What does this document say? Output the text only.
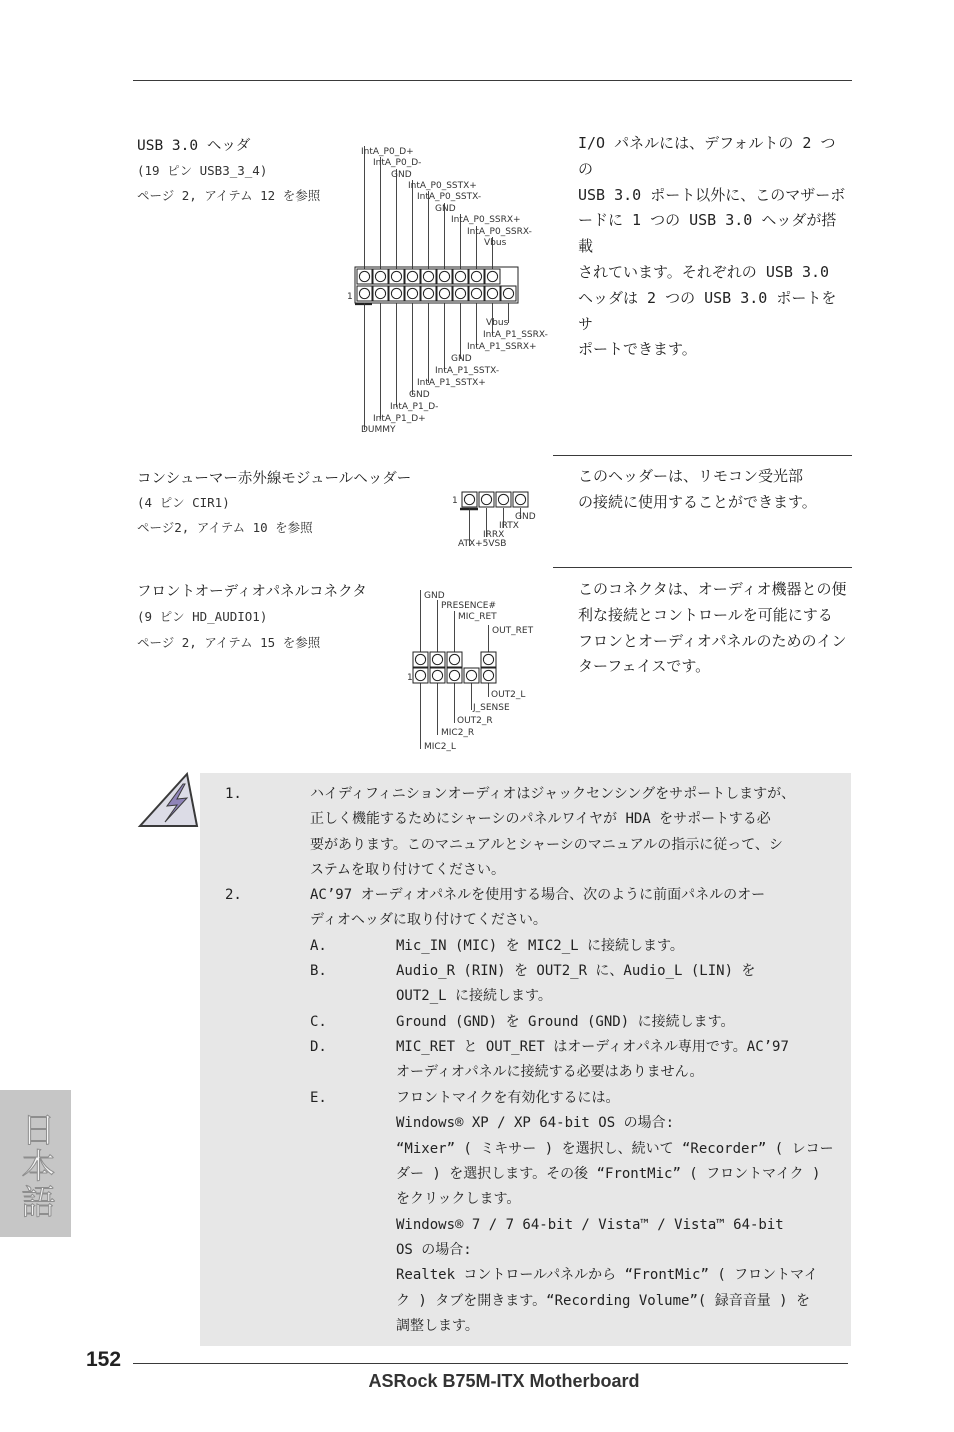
USB 3.0 ヘッダ
(19 ピン USB3_3_4)
ページ 2, アイテム 12 を参照
I/O パネルには、デフォルトの 2 つの
USB 3.0 ポート以外に、このマザーボ
ードに 1 つの USB 3.0 ヘッダが搭載
されています。それぞれの USB 3.0
ヘッダは 2 つの USB 3.0 ポートをサ
ポートできます。
1
IntA_P0_D+
IntA_P0_D-
GND
IntA_P0_SSTX+
IntA_P0_SSTX-
GND
IntA_P0_SSRX+
IntA_P0_SSRX-
Vbus
DUMMY
IntA_P1_D+
IntA_P1_D-
GND
IntA_P1_SSTX+
IntA_P1_SSTX-
GND
IntA_P1_SSRX+
IntA_P1_SSRX-
Vbus
コンシューマー赤外線モジュールヘッダー
(4 ピン CIR1)
ページ2, アイテム 10 を参照
このヘッダーは、リモコン受光部
の接続に使用することができます。
1
ATX+5VSB
IRRX
IRTX
GND
フロントオーディオパネルコネクタ
(9 ピン HD_AUDIO1)
ページ 2, アイテム 15 を参照
このコネクタは、オーディオ機器との便
利な接続とコントロールを可能にする
フロンとオーディオパネルのためのイン
ターフェイスです。
1
GND
PRESENCE#
MIC_RET
OUT_RET
MIC2_L
MIC2_R
OUT2_R
J_SENSE
OUT2_L
1.	ハイディフィニションオーディオはジャックセンシングをサポートしますが、
正しく機能するためにシャーシのパネルワイヤが HDA をサポートする必
要があります。このマニュアルとシャーシのマニュアルの指示に従って、シ
ステムを取り付けてください。
2.	AC’97 オーディオパネルを使用する場合、次のように前面パネルのオー
ディオヘッダに取り付けてください。
A.	Mic_IN (MIC) を MIC2_L に接続します。
B.	Audio_R (RIN) を OUT2_R に、Audio_L (LIN) を
OUT2_L に接続します。
C.	Ground (GND) を Ground (GND) に接続します。
D.	MIC_RET と OUT_RET はオーディオパネル専用です。AC’97
オーディオパネルに接続する必要はありません。
E.	フロントマイクを有効化するには。
Windows® XP / XP 64-bit OS の場合:
“Mixer” ( ミキサー ) を選択し、続いて “Recorder” ( レコー
ダー ) を選択します。その後 “FrontMic” ( フロントマイク )
をクリックします。
Windows® 7 / 7 64-bit / Vista™ / Vista™ 64-bit
OS の場合:
Realtek コントロールパネルから “FrontMic” ( フロントマイ
ク ) タブを開きます。“Recording Volume”( 録音音量 ) を
調整します。
日本語
152
ASRock B75M-ITX Motherboard
